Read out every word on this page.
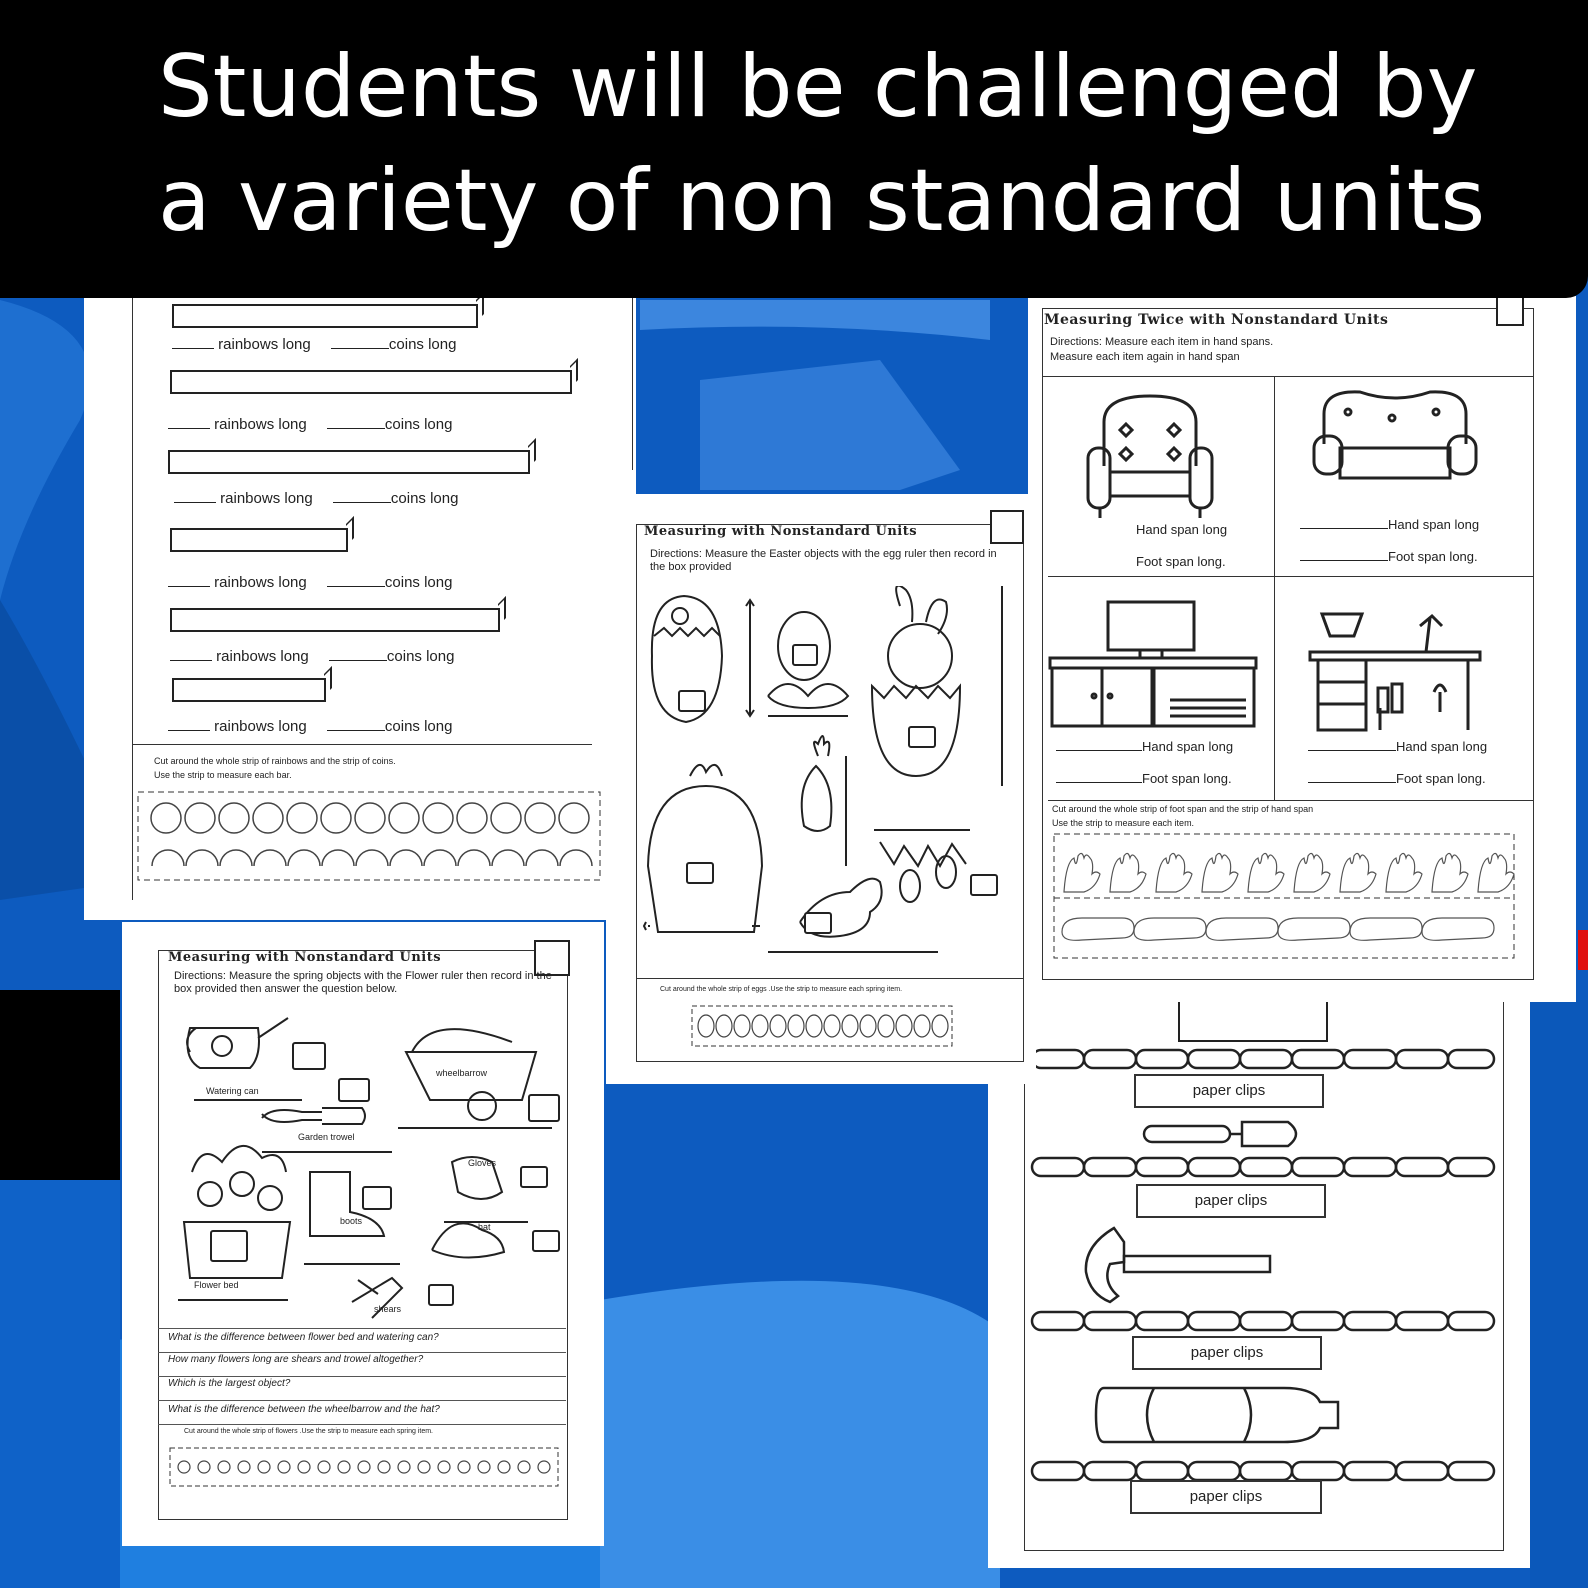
rainbows long	coins long
rainbows long	coins long
rainbows long	coins long
rainbows long	coins long
rainbows long	coins long
rainbows long	coins long
Cut around the whole strip of rainbows and the strip of coins.
Use the strip to measure each bar.
Measuring Twice with Nonstandard Units
Directions: Measure each item in hand spans.
Measure each item again in hand span
Hand span long
Foot span long.
Hand span long
Foot span long.
Hand span long
Foot span long.
Hand span long
Foot span long.
Cut around the whole strip of foot span and the strip of hand span
Use the strip to measure each item.
paper clips
paper clips
paper clips
paper clips
Measuring with Nonstandard Units
Directions: Measure the Easter objects with the egg ruler then record in the box provided
Cut around the whole strip of eggs .Use the strip to measure each spring item.
Measuring with Nonstandard Units
Directions: Measure the spring objects with the Flower ruler then record in the box provided then answer the question below.
Watering can
wheelbarrow
Garden trowel
Gloves
boots
hat
Flower bed
shears
What is the difference between flower bed and watering can?
How many flowers long are shears and trowel altogether?
Which is the largest object?
What is the difference between the wheelbarrow and the hat?
Cut around the whole strip of flowers .Use the strip to measure each spring item.
Students will be challenged by
a variety of non standard units
